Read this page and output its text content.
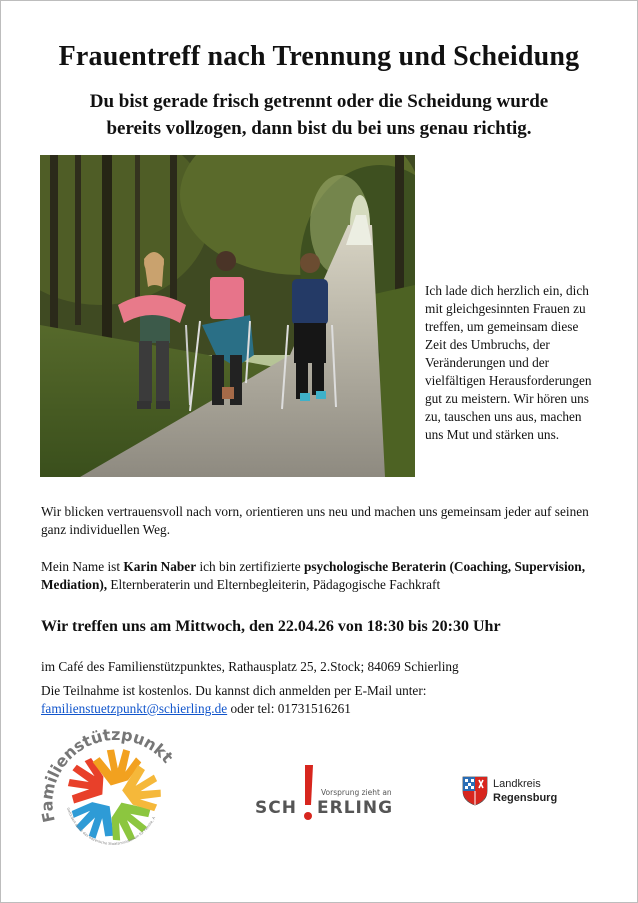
Frauentreff nach Trennung und Scheidung

Du bist gerade frisch getrennt oder die Scheidung wurde bereits vollzogen, dann bist du bei uns genau richtig.

Ich lade dich herzlich ein, dich mit gleichgesinnten Frauen zu treffen, um gemeinsam diese Zeit des Umbruchs, der Veränderungen und der vielfältigen Herausforderungen gut zu meistern. Wir hören uns zu, tauschen uns aus, machen uns Mut und stärken uns.

Wir blicken vertrauensvoll nach vorn, orientieren uns neu und machen uns gemeinsam jeder auf seinen ganz individuellen Weg.

Mein Name ist Karin Naber ich bin zertifizierte psychologische Beraterin (Coaching, Supervision, Mediation), Elternberaterin und Elternbegleiterin, Pädagogische Fachkraft

Wir treffen uns am Mittwoch, den 22.04.26 von 18:30 bis 20:30 Uhr

im Café des Familienstützpunktes, Rathausplatz 25, 2.Stock; 84069 Schierling

Die Teilnahme ist kostenlos. Du kannst dich anmelden per E-Mail unter:
familienstuetzpunkt@schierling.de oder tel: 01731516261

Familienstützpunkt
Gefördert durch das Bayerische Staatsministerium für Familie, A
Vorsprung zieht an
SCH ERLING
Landkreis
Regensburg
